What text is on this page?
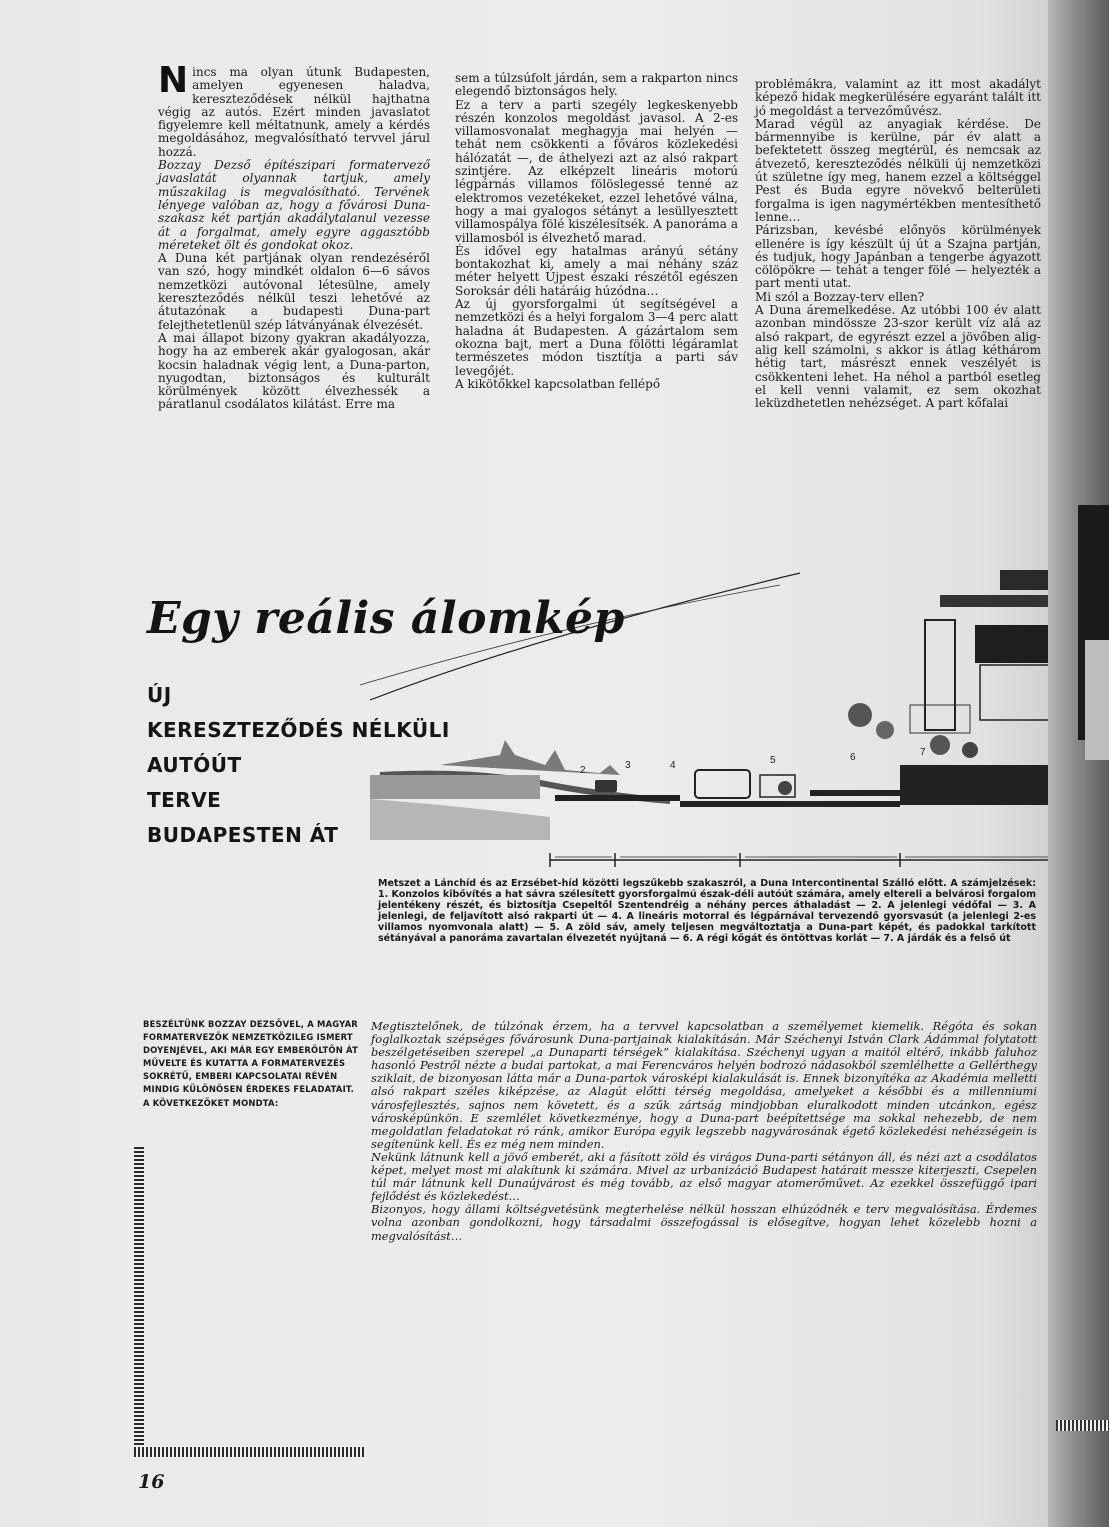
N incs ma olyan útunk Budapesten, amelyen egyenesen haladva, kereszteződések nélkül hajthatna végig az autós. Ezért minden javaslatot figyelemre kell méltatnunk, amely a kérdés megoldásához, megvalósítható tervvel járul hozzá.

Bozzay Dezső építészipari formatervező javaslatát olyannak tartjuk, amely műszakilag is megvalósítható. Tervének lényege valóban az, hogy a fővárosi Duna-szakasz két partján akadálytalanul vezesse át a forgalmat, amely egyre aggasztóbb méreteket ölt és gondokat okoz.

A Duna két partjának olyan rendezéséről van szó, hogy mindkét oldalon 6—6 sávos nemzetközi autóvonal létesülne, amely kereszteződés nélkül teszi lehetővé az átutazónak a budapesti Duna-part felejthetetlenül szép látványának élvezését.

A mai állapot bizony gyakran akadályozza, hogy ha az emberek akár gyalogosan, akár kocsin haladnak végig lent, a Duna-parton, nyugodtan, biztonságos és kulturált körülmények között élvezhessék a páratlanul csodálatos kilátást. Erre ma

sem a túlzsúfolt járdán, sem a rakparton nincs elegendő biztonságos hely.

Ez a terv a parti szegély legkeskenyebb részén konzolos megoldást javasol. A 2-es villamosvonalat meghagyja mai helyén — tehát nem csökkenti a főváros közlekedési hálózatát —, de áthelyezi azt az alsó rakpart szintjére. Az elképzelt lineáris motorú légpárnás villamos fölöslegessé tenné az elektromos vezetékeket, ezzel lehetővé válna, hogy a mai gyalogos sétányt a lesüllyesztett villamospálya fölé kiszélesítsék. A panoráma a villamosból is élvezhető marad.

És idővel egy hatalmas arányú sétány bontakozhat ki, amely a mai néhány száz méter helyett Újpest északi részétől egészen Soroksár déli határáig húzódna…

Az új gyorsforgalmi út segítségével a nemzetközi és a helyi forgalom 3—4 perc alatt haladna át Budapesten. A gázártalom sem okozna bajt, mert a Duna fölötti légáramlat természetes módon tisztítja a parti sáv levegőjét.

A kikötőkkel kapcsolatban fellépő

problémákra, valamint az itt most akadályt képező hidak megkerülésére egyaránt talált itt jó megoldást a tervezőművész.

Marad végül az anyagiak kérdése. De bármennyibe is kerülne, pár év alatt a befektetett összeg megtérül, és nemcsak az átvezető, kereszteződés nélküli új nemzetközi út születne így meg, hanem ezzel a költséggel Pest és Buda egyre növekvő belterületi forgalma is igen nagymértékben mentesíthető lenne…

Párizsban, kevésbé előnyös körülmények ellenére is így készült új út a Szajna partján, és tudjuk, hogy Japánban a tengerbe ágyazott cölöpökre — tehát a tenger fölé — helyezték a part menti utat.

Mi szól a Bozzay-terv ellen?

A Duna áremelkedése. Az utóbbi 100 év alatt azonban mindössze 23-szor került víz alá az alsó rakpart, de egyrészt ezzel a jövőben alig-alig kell számolni, s akkor is átlag kéthárom hétig tart, másrészt ennek veszélyét is csökkenteni lehet. Ha néhol a partból esetleg el kell venni valamit, ez sem okozhat leküzdhetetlen nehézséget. A part kőfalai

2	3	4	5	6	7
Egy reális álomkép
ÚJ
KERESZTEZŐDÉS NÉLKÜLI
AUTÓÚT
TERVE
BUDAPESTEN ÁT

Metszet a Lánchíd és az Erzsébet-híd közötti legszűkebb szakaszról, a Duna Intercontinental Szálló előtt. A számjelzések: 1. Konzolos kibővítés a hat sávra szélesített gyorsforgalmú észak-déli autóút számára, amely eltereli a belvárosi forgalom jelentékeny részét, és biztosítja Csepeltől Szentendréig a néhány perces áthaladást — 2. A jelenlegi védőfal — 3. A jelenlegi, de feljavított alsó rakparti út — 4. A lineáris motorral és légpárnával tervezendő gyorsvasút (a jelenlegi 2-es villamos nyomvonala alatt) — 5. A zöld sáv, amely teljesen megváltoztatja a Duna-part képét, és padokkal tarkított sétányával a panoráma zavartalan élvezetét nyújtaná — 6. A régi kőgát és öntöttvas korlát — 7. A járdák és a felső út

BESZÉLTÜNK BOZZAY DEZSŐVEL, A MAGYAR FORMATERVEZŐK NEMZETKÖZILEG ISMERT DOYENJÉVEL, AKI MÁR EGY EMBERÖLTŐN ÁT MŰVELTE ÉS KUTATTA A FORMATERVEZÉS SOKRÉTŰ, EMBERI KAPCSOLATAI RÉVÉN MINDIG KÜLÖNÖSEN ÉRDEKES FELADATAIT. A KÖVETKEZŐKET MONDTA:

Megtisztelőnek, de túlzónak érzem, ha a tervvel kapcsolatban a személyemet kiemelik. Régóta és sokan foglalkoztak szépséges fővárosunk Duna-partjainak kialakításán. Már Széchenyi István Clark Ádámmal folytatott beszélgetéseiben szerepel „a Dunaparti térségek” kialakítása. Széchenyi ugyan a maitól eltérő, inkább faluhoz hasonló Pestről nézte a budai partokat, a mai Ferencváros helyén bodrozó nádasokból szemlélhette a Gellérthegy sziklait, de bizonyosan látta már a Duna-partok városképi kialakulását is. Ennek bizonyítéka az Akadémia melletti alsó rakpart széles kiképzése, az Alagút előtti térség megoldása, amelyeket a későbbi és a millenniumi városfejlesztés, sajnos nem követett, és a szűk zártság mindjobban eluralkodott minden utcánkon, egész városképünkön. E szemlélet következménye, hogy a Duna-part beépítettsége ma sokkal nehezebb, de nem megoldatlan feladatokat ró ránk, amikor Európa egyik legszebb nagyvárosának égető közlekedési nehézségein is segítenünk kell. És ez még nem minden.

Nekünk látnunk kell a jövő emberét, aki a fásított zöld és virágos Duna-parti sétányon áll, és nézi azt a csodálatos képet, melyet most mi alakítunk ki számára. Mivel az urbanizáció Budapest határait messze kiterjeszti, Csepelen túl már látnunk kell Dunaújvárost és még tovább, az első magyar atomerőművet. Az ezekkel összefüggő ipari fejlődést és közlekedést…

Bizonyos, hogy állami költségvetésünk megterhelése nélkül hosszan elhúzódnék e terv megvalósítása. Érdemes volna azonban gondolkozni, hogy társadalmi összefogással is elősegítve, hogyan lehet közelebb hozni a megvalósítást…

16
